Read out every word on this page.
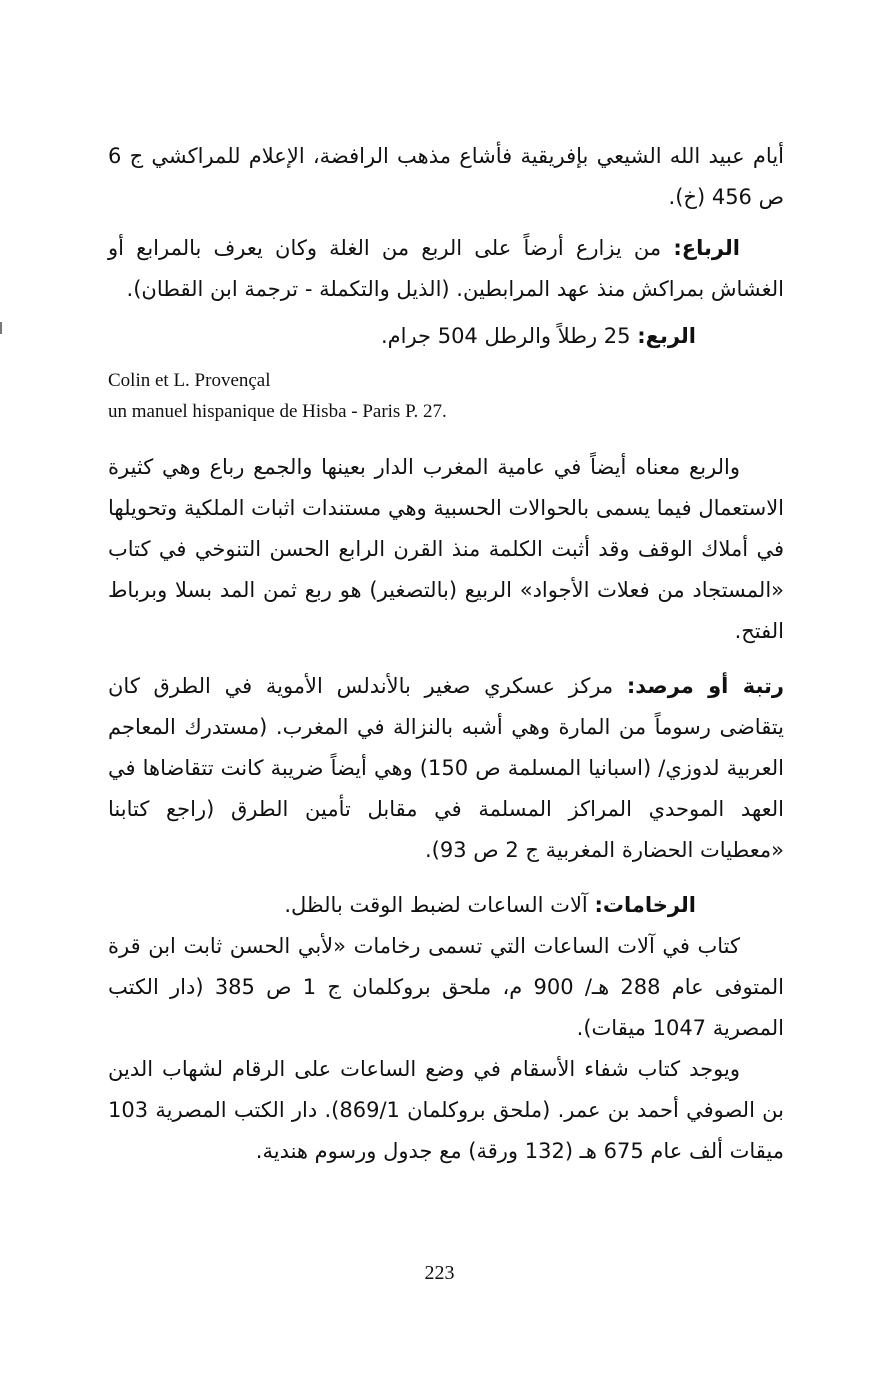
أيام عبيد الله الشيعي بإفريقية فأشاع مذهب الرافضة، الإعلام للمراكشي ج 6 ص 456 (خ).

الرباع: من يزارع أرضاً على الربع من الغلة وكان يعرف بالمرابع أو الغشاش بمراكش منذ عهد المرابطين. (الذيل والتكملة - ترجمة ابن القطان).

الربع: 25 رطلاً والرطل 504 جرام.

Colin et L. Provençal
un manuel hispanique de Hisba - Paris P. 27.

والربع معناه أيضاً في عامية المغرب الدار بعينها والجمع رباع وهي كثيرة الاستعمال فيما يسمى بالحوالات الحسبية وهي مستندات اثبات الملكية وتحويلها في أملاك الوقف وقد أثبت الكلمة منذ القرن الرابع الحسن التنوخي في كتاب «المستجاد من فعلات الأجواد» الربيع (بالتصغير) هو ربع ثمن المد بسلا وبرباط الفتح.

رتبة أو مرصد: مركز عسكري صغير بالأندلس الأموية في الطرق كان يتقاضى رسوماً من المارة وهي أشبه بالنزالة في المغرب. (مستدرك المعاجم العربية لدوزي/ (اسبانيا المسلمة ص 150) وهي أيضاً ضريبة كانت تتقاضاها في العهد الموحدي المراكز المسلمة في مقابل تأمين الطرق (راجع كتابنا «معطيات الحضارة المغربية ج 2 ص 93).

الرخامات: آلات الساعات لضبط الوقت بالظل.

كتاب في آلات الساعات التي تسمى رخامات «لأبي الحسن ثابت ابن قرة المتوفى عام 288 هـ/ 900 م، ملحق بروكلمان ج 1 ص 385 (دار الكتب المصرية 1047 ميقات).

ويوجد كتاب شفاء الأسقام في وضع الساعات على الرقام لشهاب الدين بن الصوفي أحمد بن عمر. (ملحق بروكلمان 869/1). دار الكتب المصرية 103 ميقات ألف عام 675 هـ (132 ورقة) مع جدول ورسوم هندية.

223
